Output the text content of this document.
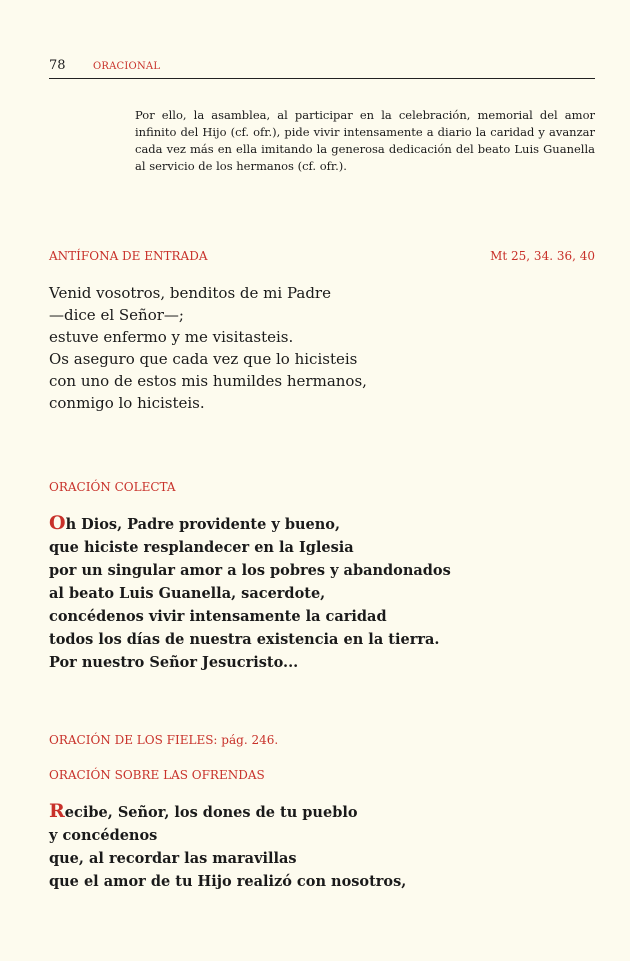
78	ORACIONAL
Por ello, la asamblea, al participar en la celebración, memorial del amor infinito del Hijo (cf. ofr.), pide vivir intensamente a diario la caridad y avanzar cada vez más en ella imitando la generosa dedicación del beato Luis Guanella al servicio de los hermanos (cf. ofr.).
ANTÍFONA DE ENTRADA	Mt 25, 34. 36, 40
Venid vosotros, benditos de mi Padre
—dice el Señor—;
estuve enfermo y me visitasteis.
Os aseguro que cada vez que lo hicisteis
con uno de estos mis humildes hermanos,
conmigo lo hicisteis.
ORACIÓN COLECTA
Oh Dios, Padre providente y bueno,
que hiciste resplandecer en la Iglesia
por un singular amor a los pobres y abandonados
al beato Luis Guanella, sacerdote,
concédenos vivir intensamente la caridad
todos los días de nuestra existencia en la tierra.
Por nuestro Señor Jesucristo...
ORACIÓN DE LOS FIELES: pág. 246.
ORACIÓN SOBRE LAS OFRENDAS
Recibe, Señor, los dones de tu pueblo
y concédenos
que, al recordar las maravillas
que el amor de tu Hijo realizó con nosotros,
